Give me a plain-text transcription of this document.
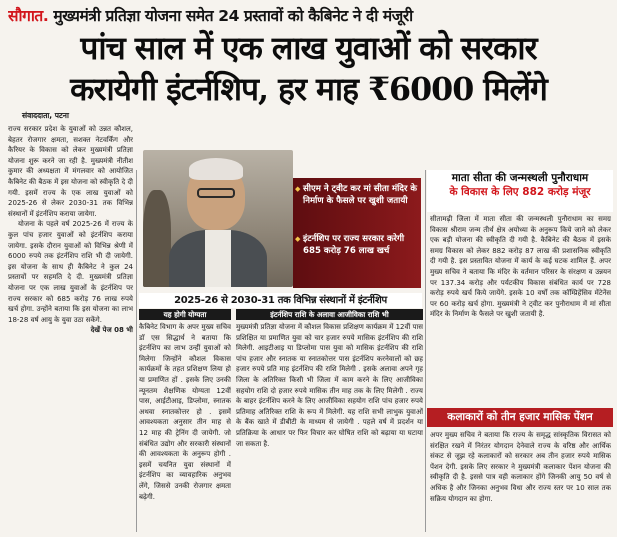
सौगात. मुख्यमंत्री प्रतिज्ञा योजना समेत 24 प्रस्तावों को कैबिनेट ने दी मंजूरी
पांच साल में एक लाख युवाओं को सरकार
करायेगी इंटर्नशिप, हर माह ₹6000 मिलेंगे
संवाददाता, पटना

राज्य सरकार प्रदेश के युवाओं को उन्नत कौशल, बेहतर रोजगार क्षमता, सशक्त नेटवर्किंग और कैरियर के विकास को लेकर मुख्यमंत्री प्रतिज्ञा योजना शुरू करने जा रही है. मुख्यमंत्री नीतीश कुमार की अध्यक्षता में मंगलवार को आयोजित कैबिनेट की बैठक में इस योजना को स्वीकृति दे दी गयी. इसमें राज्य के एक लाख युवाओं को 2025-26 से लेकर 2030-31 तक विभिन्न संस्थानों में इंटर्नशिप कराया जायेगा.

योजना के पहले वर्ष 2025-26 में राज्य के कुल पांच हजार युवाओं को इंटर्नशिप कराया जायेगा. इसके दौरान युवाओं को विभिन्न श्रेणी में 6000 रुपये तक इंटर्नशिप राशि भी दी जायेगी. इस योजना के साथ ही कैबिनेट ने कुल 24 प्रस्तावों पर सहमति दे दी. मुख्यमंत्री प्रतिज्ञा योजना पर एक लाख युवाओं के इंटर्नशिप पर राज्य सरकार को 685 करोड़ 76 लाख रुपये खर्च होगा. उन्होंने बताया कि इस योजना का लाभ 18-28 वर्ष आयु के युवा उठा सकेंगे.

देखें पेज 08 भी

◆ सीएम ने ट्वीट कर मां सीता मंदिर के निर्माण के फैसले पर खुशी जतायी
◆ इंटर्नशिप पर राज्य सरकार करेगी 685 करोड़ 76 लाख खर्च
2025-26 से 2030-31 तक विभिन्न संस्थानों में इंटर्नशिप
यह होगी योग्यता	इंटर्नशिप राशि के अलावा आजीविका राशि भी

कैबिनेट विभाग के अपर मुख्य सचिव डॉ एस सिद्धार्थ ने बताया कि इंटर्नशिप का लाभ उन्हीं युवाओं को मिलेगा जिन्होंने कौशल विकास कार्यक्रमों के तहत प्रशिक्षण लिया हो या प्रमाणित हों . इसके लिए उनकी न्यूनतम शैक्षणिक योग्यता 12वीं पास, आईटीआइ, डिप्लोमा, स्नातक अथवा स्नातकोत्तर हो . इसमें आवश्यकता अनुसार तीन माह से 12 माह की ट्रेनिंग दी जायेगी. जो संबंधित उद्योग और सरकारी संस्थानों की आवश्यकता के अनुरूप होगी . इसमें चयनित युवा संस्थानों में इंटर्नशिप का व्यावहारिक अनुभव लेंगे, जिससे उनकी रोजगार क्षमता बढ़ेगी.

मुख्यमंत्री प्रतिज्ञा योजना में कौशल विकास प्रशिक्षण कार्यक्रम में 12वीं पास प्रशिक्षित या प्रमाणित युवा को चार हजार रुपये मासिक इंटर्नशिप की राशि मिलेगी. आइटीआइ या डिप्लोमा पास युवा को मासिक इंटर्नशिप की राशि पांच हजार और स्नातक या स्नातकोत्तर पास इंटर्नशिप करनेवालों को छह हजार रुपये प्रति माह इंटर्नशिप की राशि मिलेगी . इसके अलावा अपने गृह जिला के अतिरिक्त किसी भी जिला में काम करने के लिए आजीविका सहयोग राशि दो हजार रुपये मासिक तीन माह तक के लिए मिलेगी . राज्य के बाहर इंटर्नशिप करने के लिए आजीविका सहयोग राशि पांच हजार रुपये प्रतिमाह अतिरिक्त राशि के रूप में मिलेगी. यह राशि सभी लाभुक युवाओं के बैंक खाते में डीबीटी के माध्यम से जायेगी . पहले वर्ष में प्रदर्शन या प्रतिक्रिया के आधार पर फिर विचार कर घोषित राशि को बढ़ाया या घटाया जा सकता है.

माता सीता की जन्मस्थली पुनौराधाम
के विकास के लिए 882 करोड़ मंजूर

सीतामढ़ी जिला में माता सीता की जन्मस्थली पुनौराधाम का समग्र विकास श्रीराम जन्म तीर्थ क्षेत्र अयोध्या के अनुरूप किये जाने को लेकर एक बड़ी योजना की स्वीकृति दी गयी है. कैबिनेट की बैठक में इसके समग्र विकास को लेकर 882 करोड़ 87 लाख की प्रशासनिक स्वीकृति दी गयी है. इस प्रस्तावित योजना में कार्य के कई घटक शामिल हैं. अपर मुख्य सचिव ने बताया कि मंदिर के वर्तमान परिसर के संरक्षण व उन्नयन पर 137.34 करोड़ और पर्यटकीय विकास संबंधित कार्य पर 728 करोड़ रुपये खर्च किये जायेंगे. इसके 10 वर्षों तक कॉम्प्रिहेंसिव मेंटेनेंस पर 60 करोड़ खर्च होगा. मुख्यमंत्री ने ट्वीट कर पुनौराधाम में मां सीता मंदिर के निर्माण के फैसले पर खुशी जतायी है.

कलाकारों को तीन हजार मासिक पेंशन

अपर मुख्य सचिव ने बताया कि राज्य के समृद्ध सांस्कृतिक विरासत को संरक्षित रखने में निरंतर योगदान देनेवाले राज्य के वरिष्ठ और आर्थिक संकट से जूझ रहे कलाकारों को सरकार अब तीन हजार रुपये मासिक पेंशन देगी. इसके लिए सरकार ने मुख्यमंत्री कलाकार पेंशन योजना की स्वीकृति दी है. इससे पात्र वही कलाकार होंगे जिनकी आयु 50 वर्ष से अधिक है और जिनका अनुभव विधा और राज्य स्तर पर 10 साल तक सक्रिय योगदान का होगा.
